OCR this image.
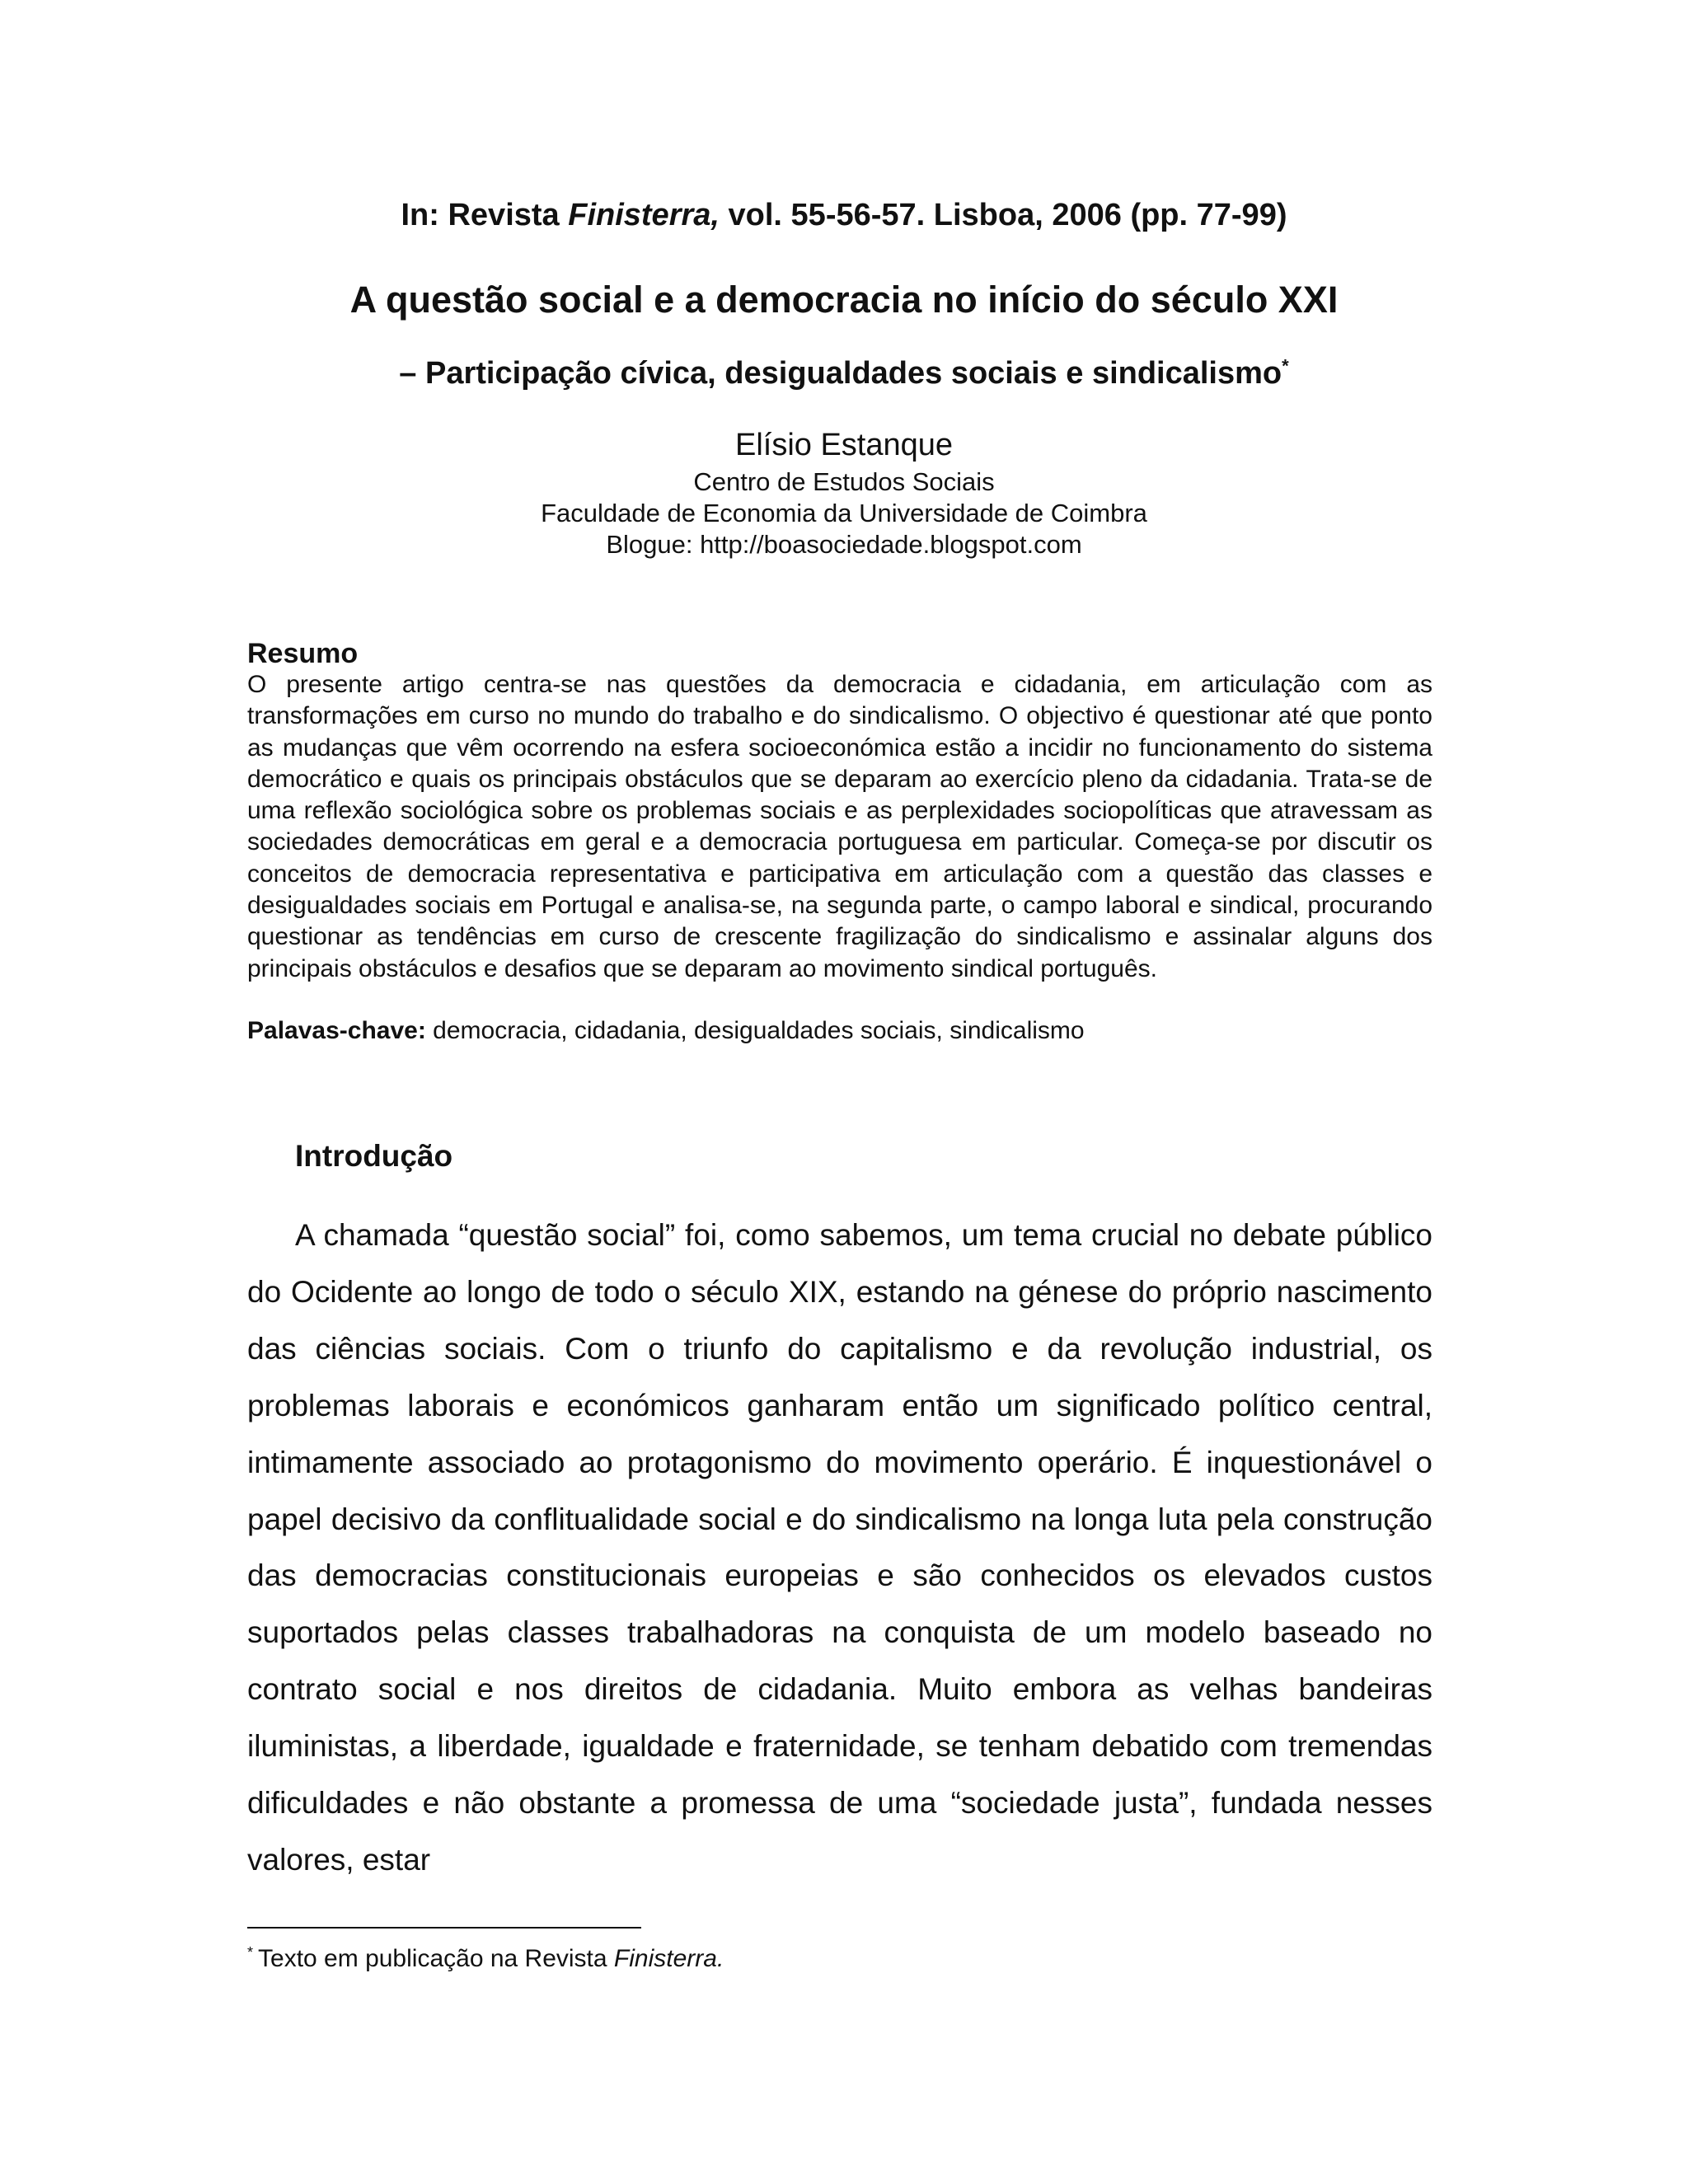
In: Revista Finisterra, vol. 55-56-57. Lisboa, 2006 (pp. 77-99)
A questão social e a democracia no início do século XXI
– Participação cívica, desigualdades sociais e sindicalismo*
Elísio Estanque
Centro de Estudos Sociais
Faculdade de Economia da Universidade de Coimbra
Blogue: http://boasociedade.blogspot.com
Resumo

O presente artigo centra-se nas questões da democracia e cidadania, em articulação com as transformações em curso no mundo do trabalho e do sindicalismo. O objectivo é questionar até que ponto as mudanças que vêm ocorrendo na esfera socioeconómica estão a incidir no funcionamento do sistema democrático e quais os principais obstáculos que se deparam ao exercício pleno da cidadania. Trata-se de uma reflexão sociológica sobre os problemas sociais e as perplexidades sociopolíticas que atravessam as sociedades democráticas em geral e a democracia portuguesa em particular. Começa-se por discutir os conceitos de democracia representativa e participativa em articulação com a questão das classes e desigualdades sociais em Portugal e analisa-se, na segunda parte, o campo laboral e sindical, procurando questionar as tendências em curso de crescente fragilização do sindicalismo e assinalar alguns dos principais obstáculos e desafios que se deparam ao movimento sindical português.

Palavas-chave: democracia, cidadania, desigualdades sociais, sindicalismo
Introdução

A chamada “questão social” foi, como sabemos, um tema crucial no debate público do Ocidente ao longo de todo o século XIX, estando na génese do próprio nascimento das ciências sociais. Com o triunfo do capitalismo e da revolução industrial, os problemas laborais e económicos ganharam então um significado político central, intimamente associado ao protagonismo do movimento operário. É inquestionável o papel decisivo da conflitualidade social e do sindicalismo na longa luta pela construção das democracias constitucionais europeias e são conhecidos os elevados custos suportados pelas classes trabalhadoras na conquista de um modelo baseado no contrato social e nos direitos de cidadania. Muito embora as velhas bandeiras iluministas, a liberdade, igualdade e fraternidade, se tenham debatido com tremendas dificuldades e não obstante a promessa de uma “sociedade justa”, fundada nesses valores, estar

* Texto em publicação na Revista Finisterra.
